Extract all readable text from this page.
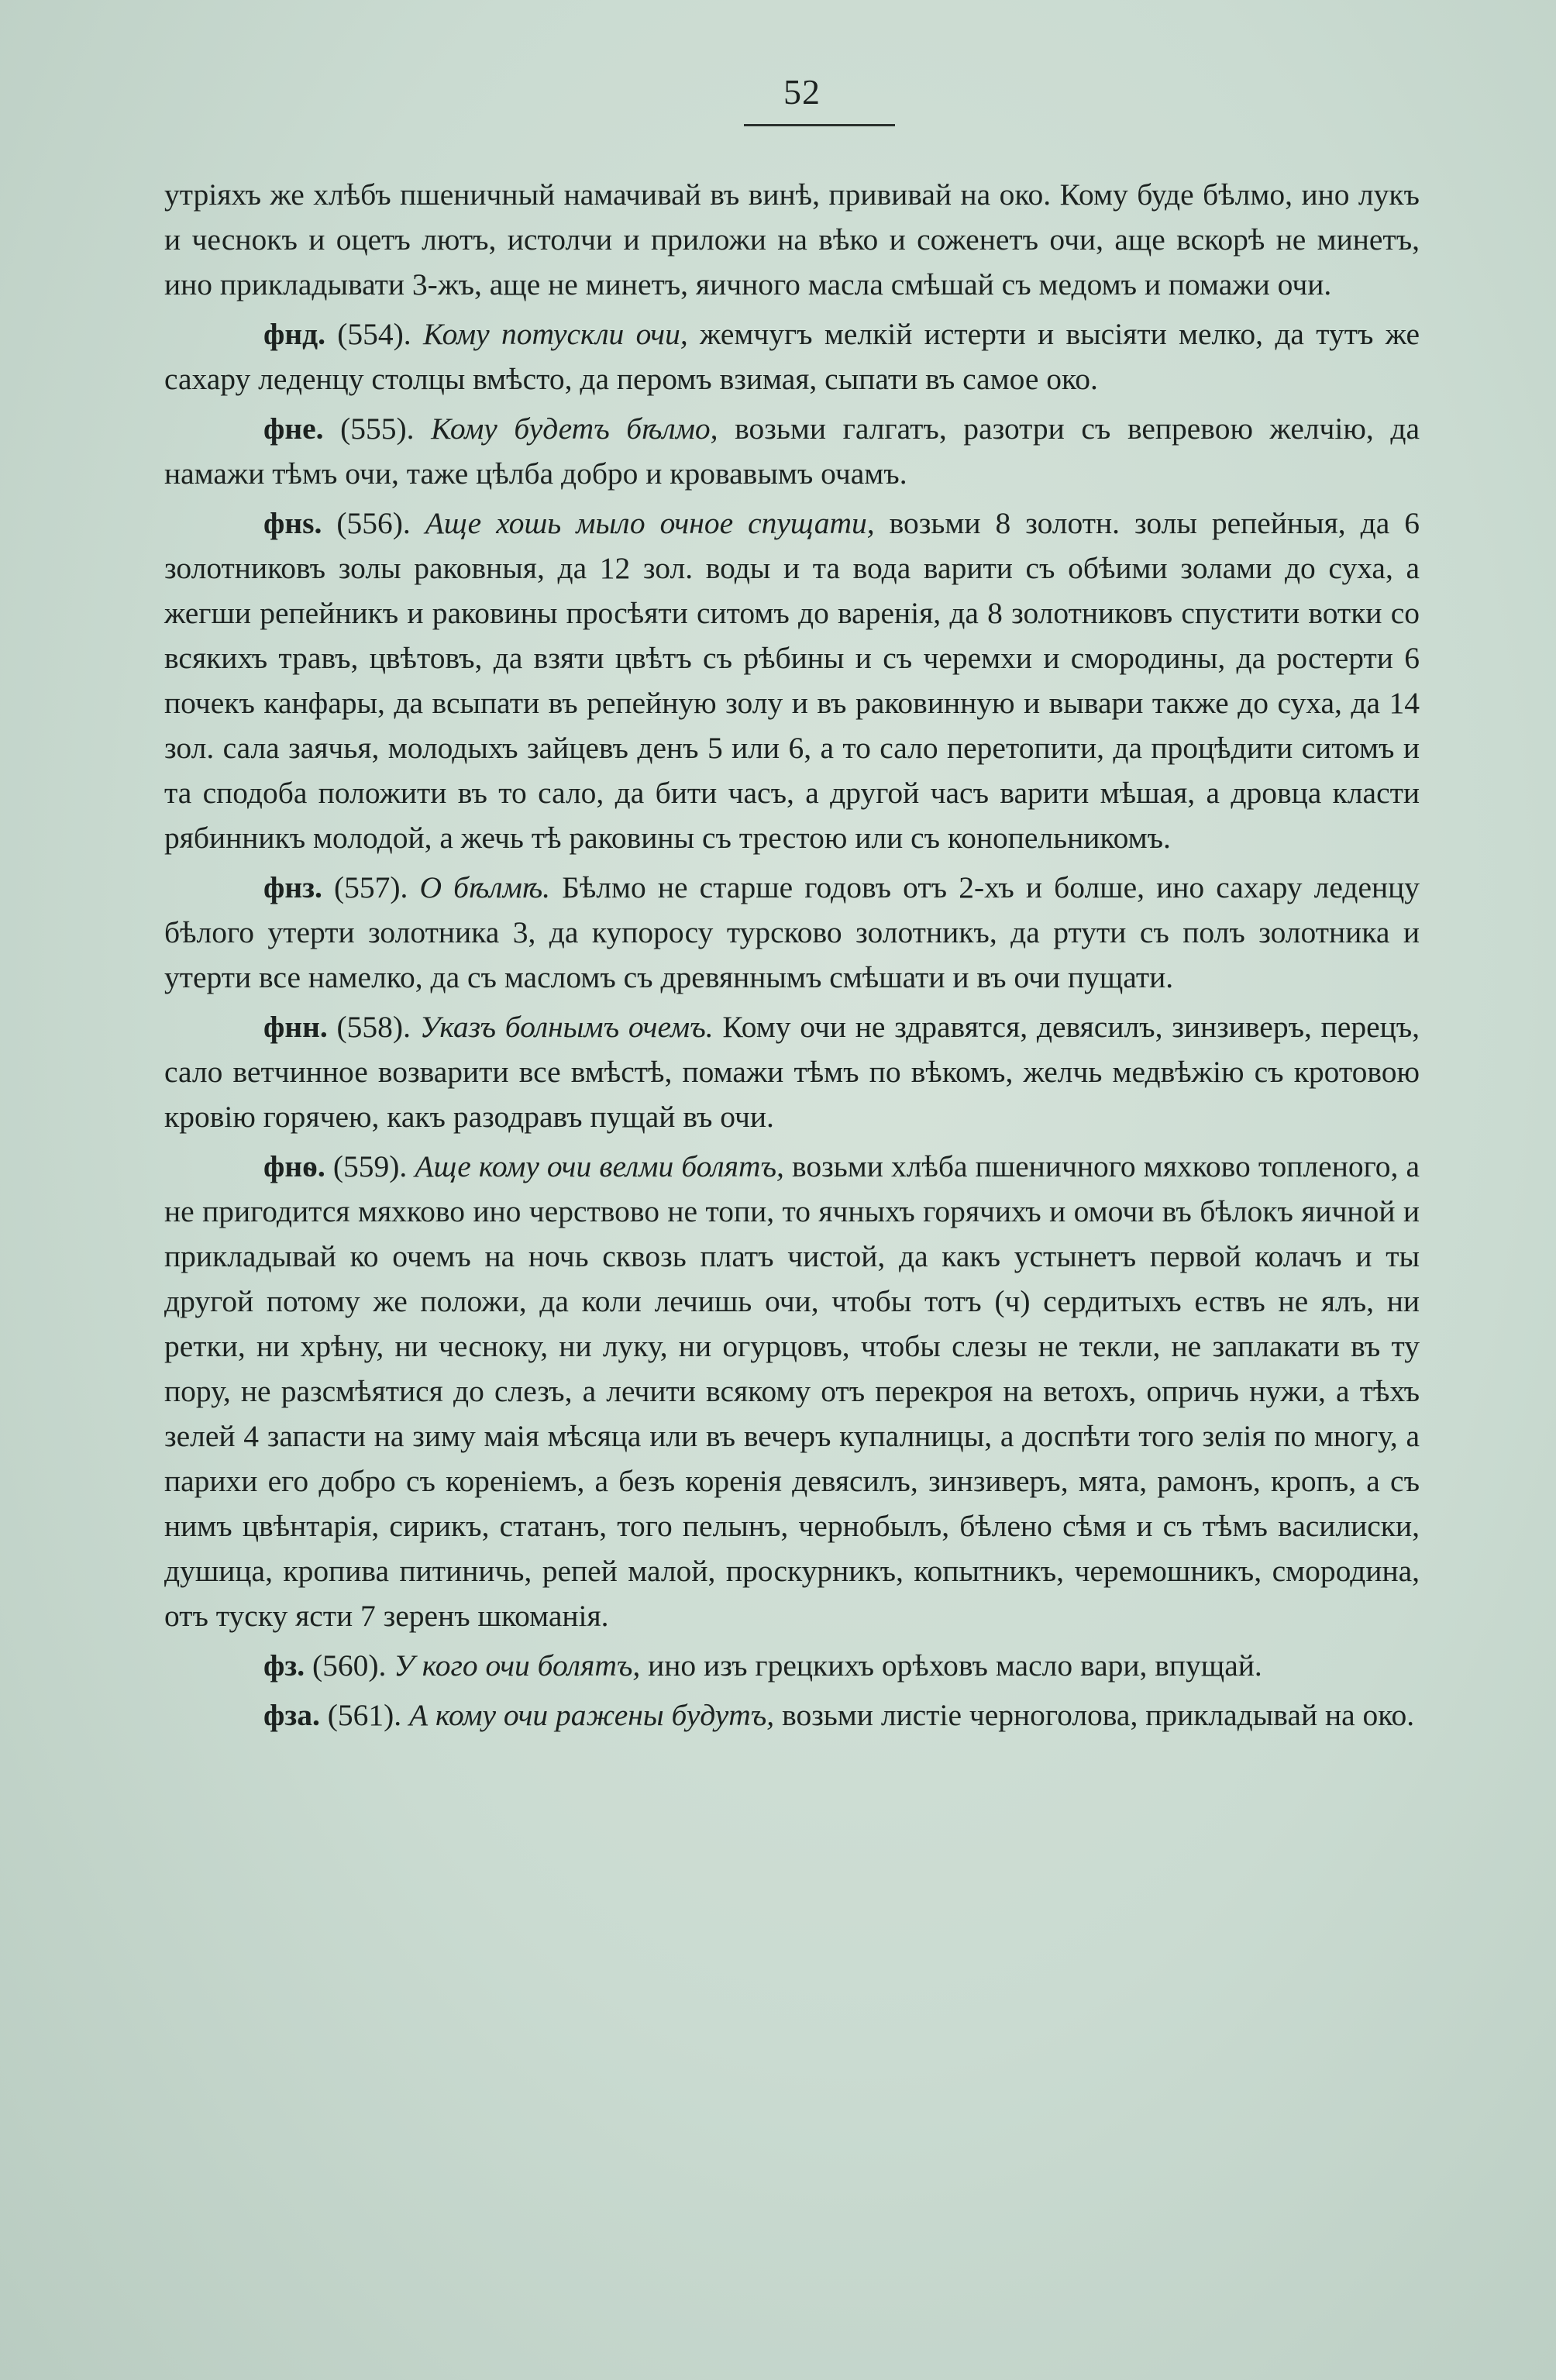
52

утріяхъ же хлѣбъ пшеничный намачивай въ винѣ, прививай на око. Кому буде бѣлмо, ино лукъ и чеснокъ и оцетъ лютъ, истолчи и приложи на вѣко и соженетъ очи, аще вскорѣ не минетъ, ино прикладывати 3-жъ, аще не минетъ, яичного масла смѣшай съ медомъ и помажи очи.

фнд. (554). Кому потускли очи, жемчугъ мелкій истерти и высіяти мелко, да тутъ же сахару леденцу столцы вмѣсто, да перомъ взимая, сыпати въ самое око.

фне. (555). Кому будетъ бѣлмо, возьми галгатъ, разотри съ вепревою желчію, да намажи тѣмъ очи, таже цѣлба добро и кровавымъ очамъ.

фнѕ. (556). Аще хошь мыло очное спущати, возьми 8 золотн. золы репейныя, да 6 золотниковъ золы раковныя, да 12 зол. воды и та вода варити съ обѣими золами до суха, а жегши репейникъ и раковины просѣяти ситомъ до варенія, да 8 золотниковъ спустити вотки со всякихъ травъ, цвѣтовъ, да взяти цвѣтъ съ рѣбины и съ черемхи и смородины, да ростерти 6 почекъ канфары, да всыпати въ репейную золу и въ раковинную и вывари также до суха, да 14 зол. сала заячья, молодыхъ зайцевъ денъ 5 или 6, а то сало перетопити, да процѣдити ситомъ и та сподоба положити въ то сало, да бити часъ, а другой часъ варити мѣшая, а дровца класти рябинникъ молодой, а жечь тѣ раковины съ трестою или съ конопельникомъ.

фнз. (557). О бѣлмѣ. Бѣлмо не старше годовъ отъ 2-хъ и болше, ино сахару леденцу бѣлого утерти золотника 3, да купоросу турсково золотникъ, да ртути съ полъ золотника и утерти все намелко, да съ масломъ съ древяннымъ смѣшати и въ очи пущати.

фнн. (558). Указъ болнымъ очемъ. Кому очи не здравятся, девясилъ, зинзиверъ, перецъ, сало ветчинное возварити все вмѣстѣ, помажи тѣмъ по вѣкомъ, желчь медвѣжію съ кротовою кровію горячею, какъ разодравъ пущай въ очи.

фнѳ. (559). Аще кому очи велми болятъ, возьми хлѣба пшеничного мяхково топленого, а не пригодится мяхково ино черствово не топи, то ячныхъ горячихъ и омочи въ бѣлокъ яичной и прикладывай ко очемъ на ночь сквозь платъ чистой, да какъ устынетъ первой колачъ и ты другой потому же положи, да коли лечишь очи, чтобы тотъ (ч) сердитыхъ ествъ не ялъ, ни ретки, ни хрѣну, ни чесноку, ни луку, ни огурцовъ, чтобы слезы не текли, не заплакати въ ту пору, не разсмѣятися до слезъ, а лечити всякому отъ перекроя на ветохъ, опричь нужи, а тѣхъ зелей 4 запасти на зиму маія мѣсяца или въ вечеръ купалницы, а доспѣти того зелія по многу, а парихи его добро съ кореніемъ, а безъ коренія девясилъ, зинзиверъ, мята, рамонъ, кропъ, а съ нимъ цвѣнтарія, сирикъ, статанъ, того пелынъ, чернобылъ, бѣлено сѣмя и съ тѣмъ василиски, душица, кропива питиничь, репей малой, проскурникъ, копытникъ, черемошникъ, смородина, отъ туску ясти 7 зеренъ шкоманія.

фз. (560). У кого очи болятъ, ино изъ грецкихъ орѣховъ масло вари, впущай.

фза. (561). А кому очи ражены будутъ, возьми листіе черноголова, прикладывай на око.
